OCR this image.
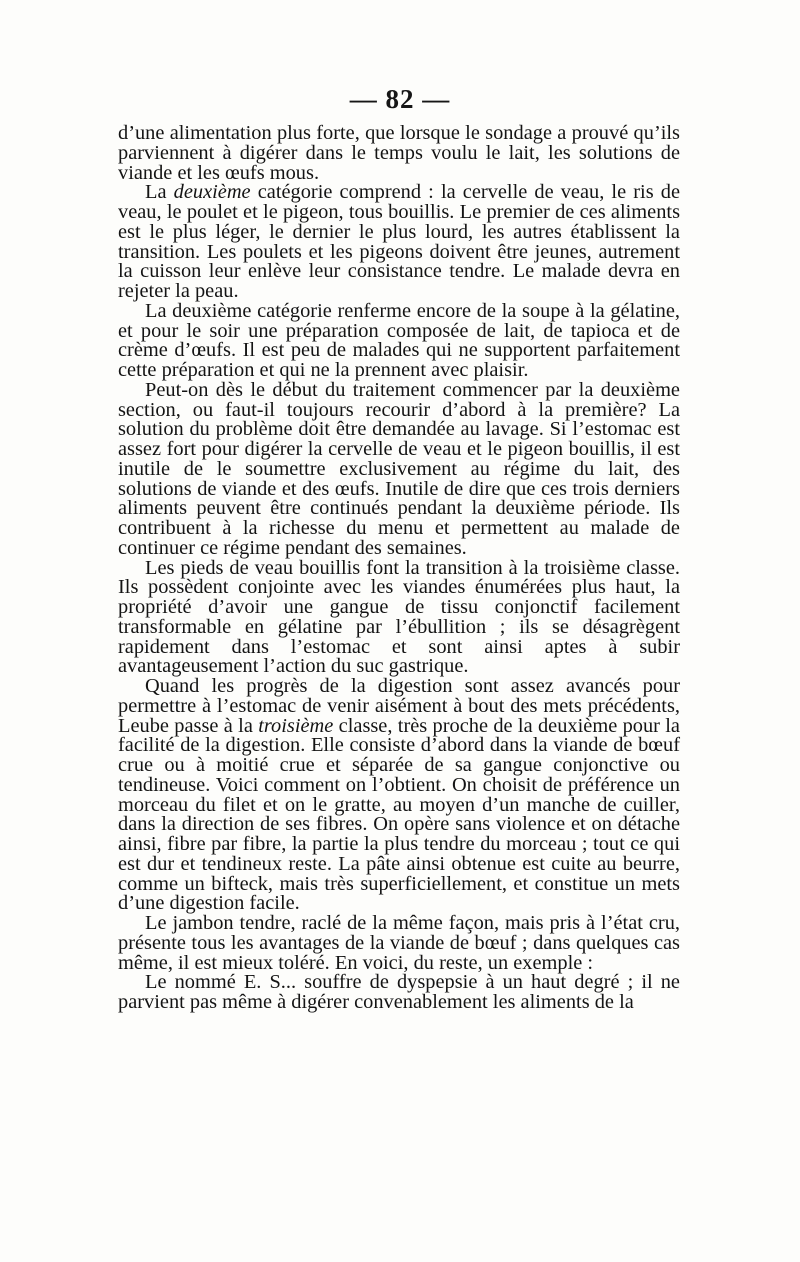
— 82 —

d’une alimentation plus forte, que lorsque le sondage a prouvé qu’ils parviennent à digérer dans le temps voulu le lait, les solutions de viande et les œufs mous.

La deuxième catégorie comprend : la cervelle de veau, le ris de veau, le poulet et le pigeon, tous bouillis. Le premier de ces aliments est le plus léger, le dernier le plus lourd, les autres établissent la transition. Les poulets et les pigeons doivent être jeunes, autrement la cuisson leur enlève leur consistance tendre. Le malade devra en rejeter la peau.

La deuxième catégorie renferme encore de la soupe à la gélatine, et pour le soir une préparation composée de lait, de tapioca et de crème d’œufs. Il est peu de malades qui ne supportent parfaitement cette préparation et qui ne la prennent avec plaisir.

Peut-on dès le début du traitement commencer par la deuxième section, ou faut-il toujours recourir d’abord à la première? La solution du problème doit être demandée au lavage. Si l’estomac est assez fort pour digérer la cervelle de veau et le pigeon bouillis, il est inutile de le soumettre exclusivement au régime du lait, des solutions de viande et des œufs. Inutile de dire que ces trois derniers aliments peuvent être continués pendant la deuxième période. Ils contribuent à la richesse du menu et permettent au malade de continuer ce régime pendant des semaines.

Les pieds de veau bouillis font la transition à la troisième classe. Ils possèdent conjointe avec les viandes énumérées plus haut, la propriété d’avoir une gangue de tissu conjonctif facilement transformable en gélatine par l’ébullition ; ils se désagrègent rapidement dans l’estomac et sont ainsi aptes à subir avantageusement l’action du suc gastrique.

Quand les progrès de la digestion sont assez avancés pour permettre à l’estomac de venir aisément à bout des mets précédents, Leube passe à la troisième classe, très proche de la deuxième pour la facilité de la digestion. Elle consiste d’abord dans la viande de bœuf crue ou à moitié crue et séparée de sa gangue conjonctive ou tendineuse. Voici comment on l’obtient. On choisit de préférence un morceau du filet et on le gratte, au moyen d’un manche de cuiller, dans la direction de ses fibres. On opère sans violence et on détache ainsi, fibre par fibre, la partie la plus tendre du morceau ; tout ce qui est dur et tendineux reste. La pâte ainsi obtenue est cuite au beurre, comme un bifteck, mais très superficiellement, et constitue un mets d’une digestion facile.

Le jambon tendre, raclé de la même façon, mais pris à l’état cru, présente tous les avantages de la viande de bœuf ; dans quelques cas même, il est mieux toléré. En voici, du reste, un exemple :

Le nommé E. S... souffre de dyspepsie à un haut degré ; il ne parvient pas même à digérer convenablement les aliments de la
